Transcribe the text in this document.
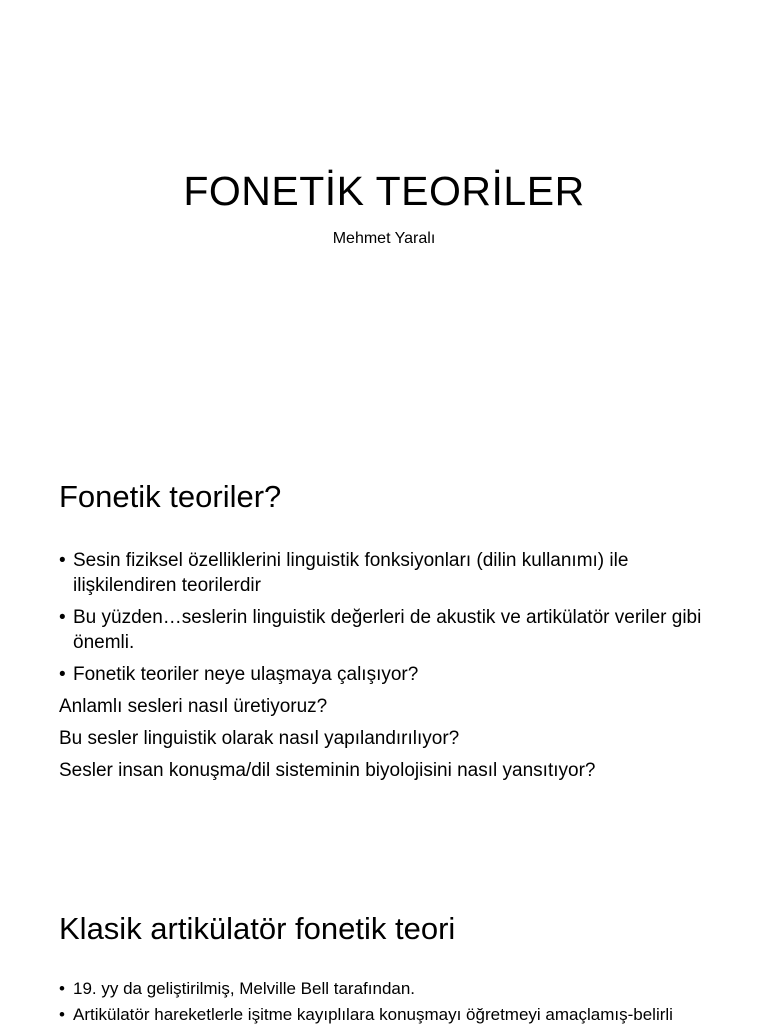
FONETİK TEORİLER

Mehmet Yaralı

Fonetik teoriler?

• Sesin fiziksel özelliklerini linguistik fonksiyonları (dilin kullanımı) ile ilişkilendiren teorilerdir

• Bu yüzden…seslerin linguistik değerleri de akustik ve artikülatör veriler gibi önemli.

• Fonetik teoriler neye ulaşmaya çalışıyor?

Anlamlı sesleri nasıl üretiyoruz?

Bu sesler linguistik olarak nasıl yapılandırılıyor?

Sesler insan konuşma/dil sisteminin biyolojisini nasıl yansıtıyor?

Klasik artikülatör fonetik teori

• 19. yy da geliştirilmiş, Melville Bell tarafından.

• Artikülatör hareketlerle işitme kayıplılara konuşmayı öğretmeyi amaçlamış-belirli
